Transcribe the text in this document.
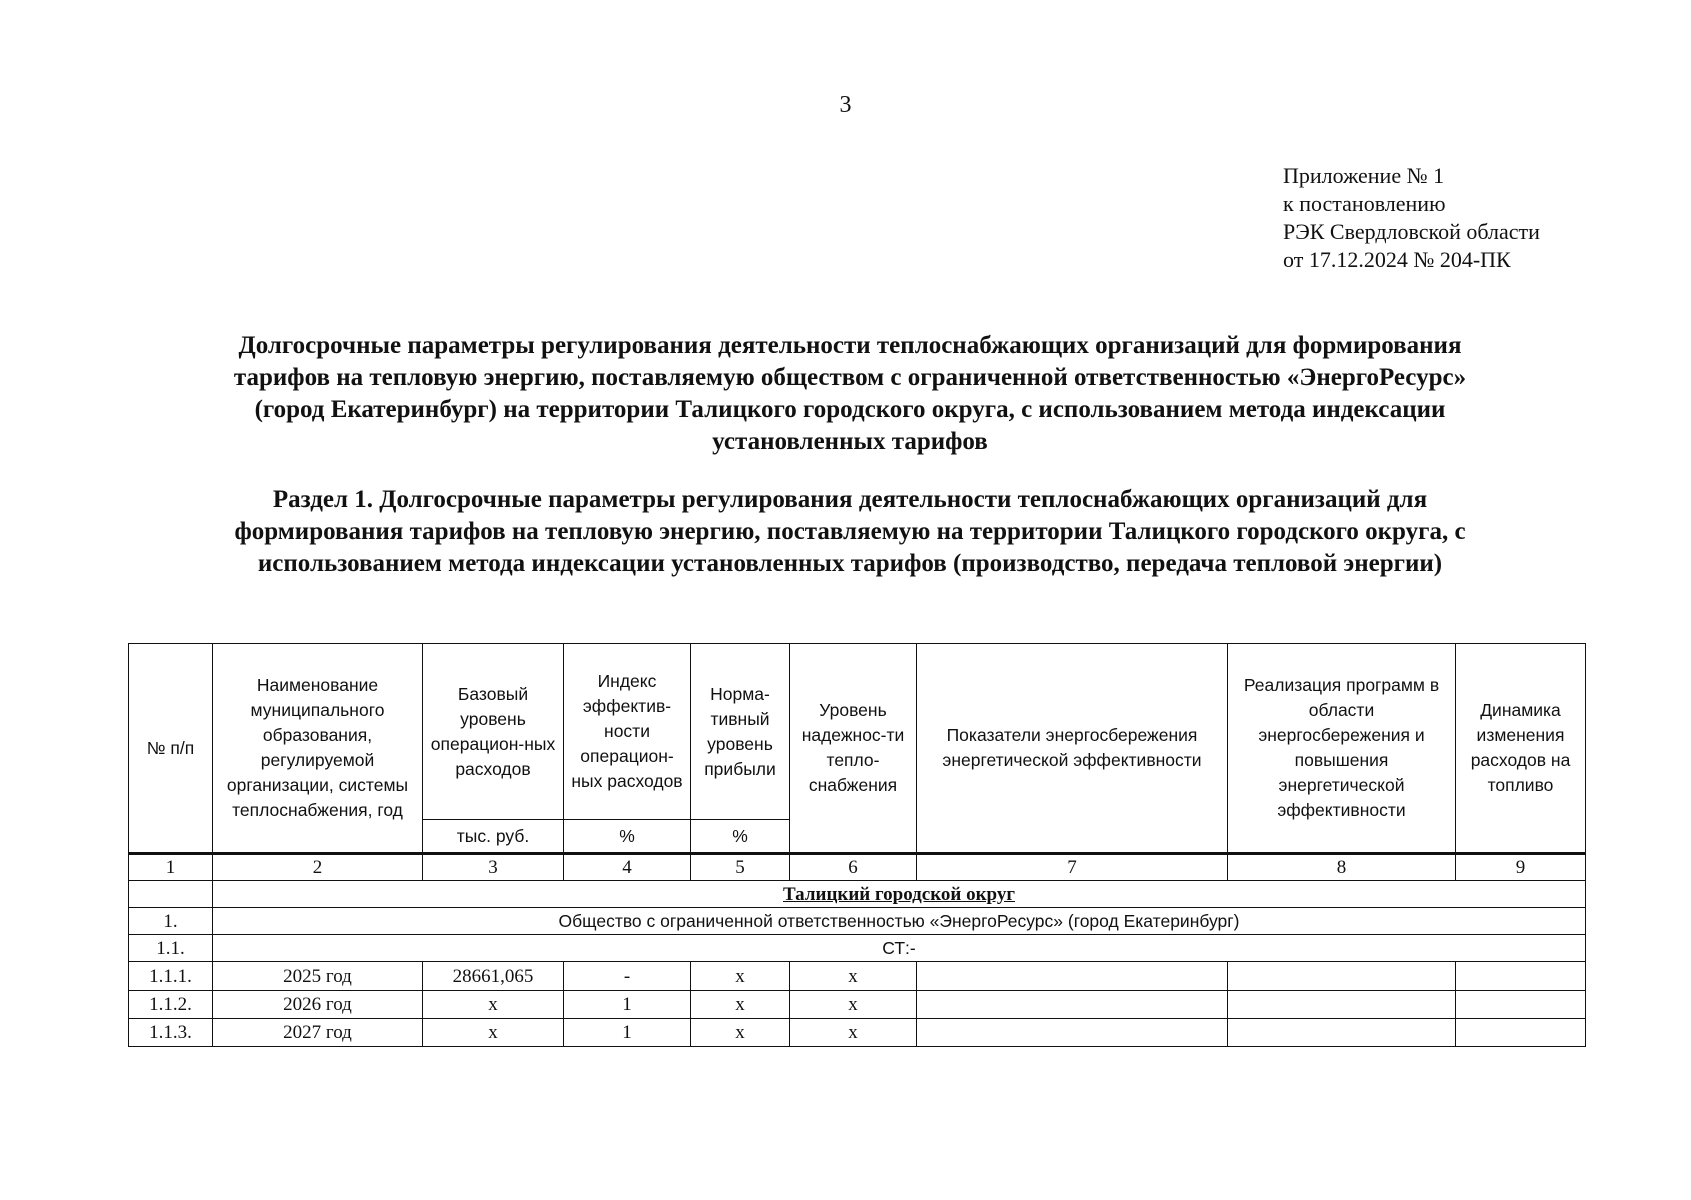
3
Приложение № 1
к постановлению
РЭК Свердловской области
от 17.12.2024 № 204-ПК
Долгосрочные параметры регулирования деятельности теплоснабжающих организаций для формирования
тарифов на тепловую энергию, поставляемую обществом с ограниченной ответственностью «ЭнергоРесурс»
(город Екатеринбург) на территории Талицкого городского округа, с использованием метода индексации
установленных тарифов
Раздел 1. Долгосрочные параметры регулирования деятельности теплоснабжающих организаций для
формирования тарифов на тепловую энергию, поставляемую на территории Талицкого городского округа, с
использованием метода индексации установленных тарифов (производство, передача тепловой энергии)
№ п/п	Наименование муниципального образования, регулируемой организации, системы теплоснабжения, год	Базовый уровень операцион-ных расходов	Индекс эффектив-ности операцион-ных расходов	Норма-тивный уровень прибыли	Уровень надежнос-ти тепло-снабжения	Показатели энергосбережения энергетической эффективности	Реализация программ в области энергосбережения и повышения энергетической эффективности	Динамика изменения расходов на топливо
		тыс. руб.	%	%				
1	2	3	4	5	6	7	8	9
	Талицкий городской округ							
1.	Общество с ограниченной ответственностью «ЭнергоРесурс» (город Екатеринбург)							
1.1.	СТ:-							
1.1.1.	2025 год	28661,065	-	x	x			
1.1.2.	2026 год	x	1	x	x			
1.1.3.	2027 год	x	1	x	x			
